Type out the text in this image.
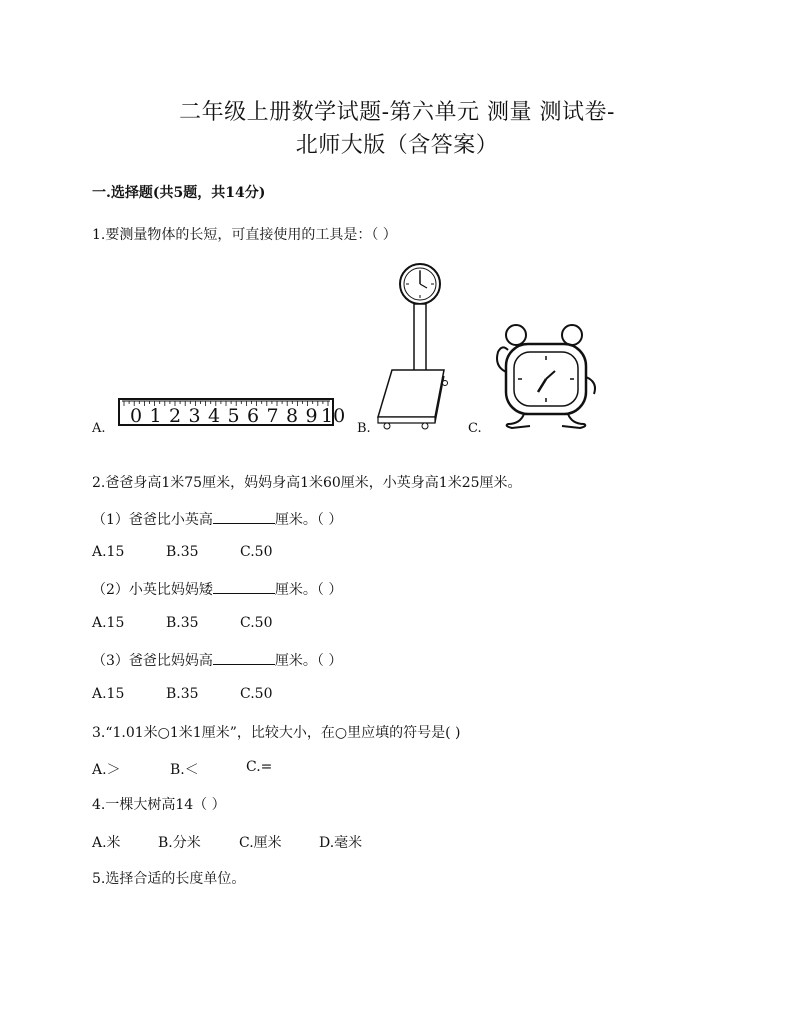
二年级上册数学试题-第六单元 测量 测试卷-
北师大版（含答案）
一.选择题(共5题，共14分)
1.要测量物体的长短，可直接使用的工具是：（ ）
A.
0 1 2 3 4 5 6 7 8 9 10
B.	C.
2.爸爸身高1米75厘米，妈妈身高1米60厘米，小英身高1米25厘米。
（1）爸爸比小英高	厘米。（ ）
A.15	B.35	C.50
（2）小英比妈妈矮	厘米。（ ）
A.15	B.35	C.50
（3）爸爸比妈妈高	厘米。（ ）
A.15	B.35	C.50
3.“1.01米○1米1厘米”，比较大小，在○里应填的符号是( )
A.＞	B.＜	C.=
4.一棵大树高14（ ）
A.米	B.分米	C.厘米	D.毫米
5.选择合适的长度单位。
